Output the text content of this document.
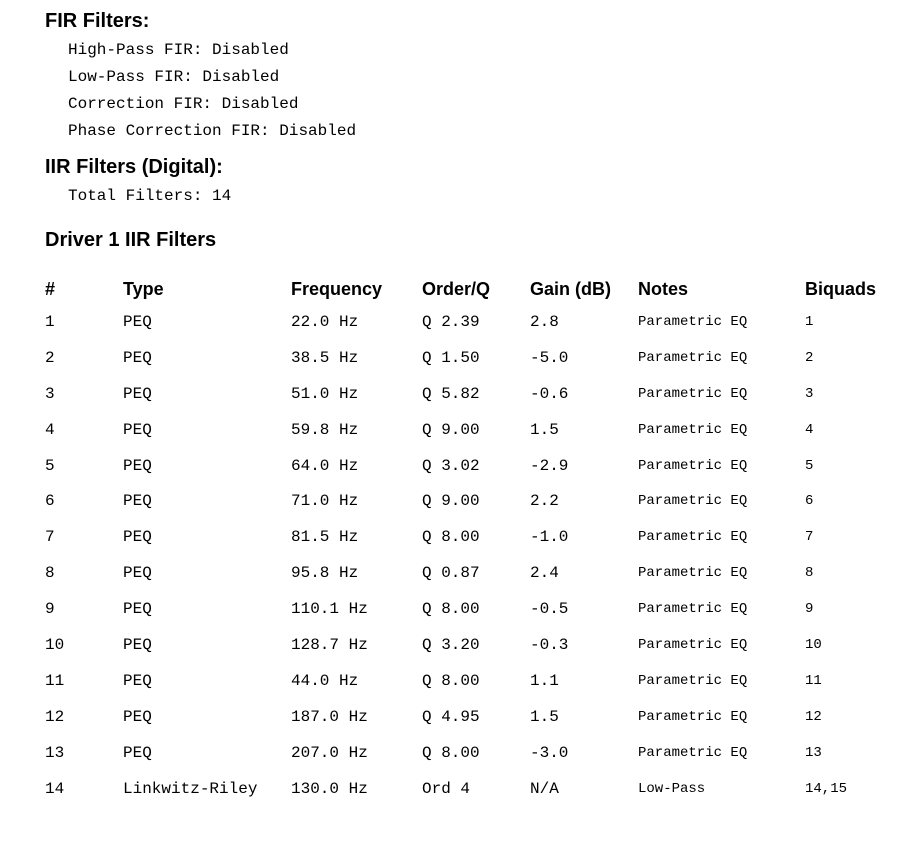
FIR Filters:
High-Pass FIR: Disabled
Low-Pass FIR: Disabled
Correction FIR: Disabled
Phase Correction FIR: Disabled
IIR Filters (Digital):
Total Filters: 14
Driver 1 IIR Filters
#	Type	Frequency	Order/Q	Gain (dB)	Notes	Biquads
1	PEQ	22.0 Hz	Q 2.39	2.8	Parametric EQ	1
2	PEQ	38.5 Hz	Q 1.50	-5.0	Parametric EQ	2
3	PEQ	51.0 Hz	Q 5.82	-0.6	Parametric EQ	3
4	PEQ	59.8 Hz	Q 9.00	1.5	Parametric EQ	4
5	PEQ	64.0 Hz	Q 3.02	-2.9	Parametric EQ	5
6	PEQ	71.0 Hz	Q 9.00	2.2	Parametric EQ	6
7	PEQ	81.5 Hz	Q 8.00	-1.0	Parametric EQ	7
8	PEQ	95.8 Hz	Q 0.87	2.4	Parametric EQ	8
9	PEQ	110.1 Hz	Q 8.00	-0.5	Parametric EQ	9
10	PEQ	128.7 Hz	Q 3.20	-0.3	Parametric EQ	10
11	PEQ	44.0 Hz	Q 8.00	1.1	Parametric EQ	11
12	PEQ	187.0 Hz	Q 4.95	1.5	Parametric EQ	12
13	PEQ	207.0 Hz	Q 8.00	-3.0	Parametric EQ	13
14	Linkwitz-Riley	130.0 Hz	Ord 4	N/A	Low-Pass	14,15
